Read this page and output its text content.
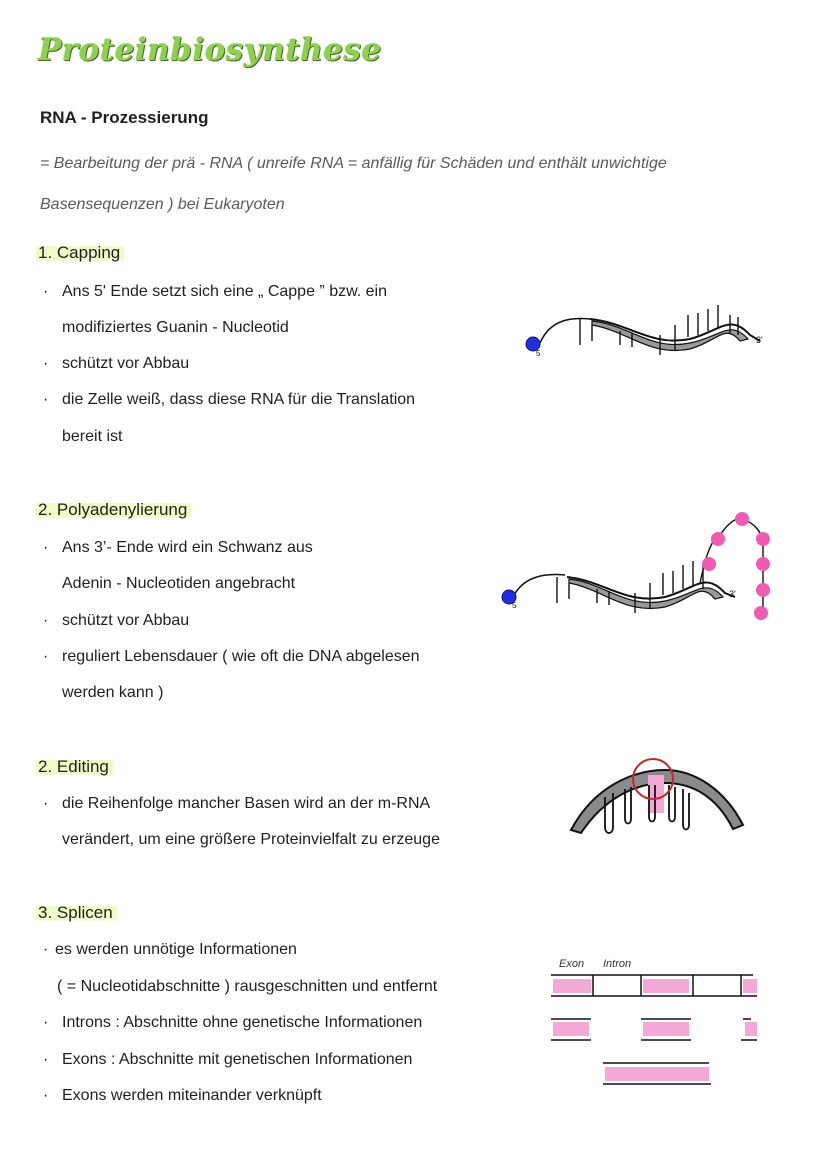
Proteinbiosynthese
RNA - Prozessierung
= Bearbeitung der prä - RNA ( unreife RNA = anfällig für Schäden und enthält unwichtige
Basensequenzen ) bei Eukaryoten
1. Capping
· Ans 5' Ende setzt sich eine „ Cappe ” bzw. ein
modifiziertes Guanin - Nucleotid
· schützt vor Abbau
· die Zelle weiß, dass diese RNA für die Translation
bereit ist
5
3'
2. Polyadenylierung
· Ans 3’- Ende wird ein Schwanz aus
Adenin - Nucleotiden angebracht
· schützt vor Abbau
· reguliert Lebensdauer ( wie oft die DNA abgelesen
werden kann )
5
3'
2. Editing
· die Reihenfolge mancher Basen wird an der m-RNA
verändert, um eine größere Proteinvielfalt zu erzeuge
3. Splicen
· es werden unnötige Informationen
( = Nucleotidabschnitte ) rausgeschnitten und entfernt
· Introns : Abschnitte ohne genetische Informationen
· Exons : Abschnitte mit genetischen Informationen
· Exons werden miteinander verknüpft
Exon Intron
